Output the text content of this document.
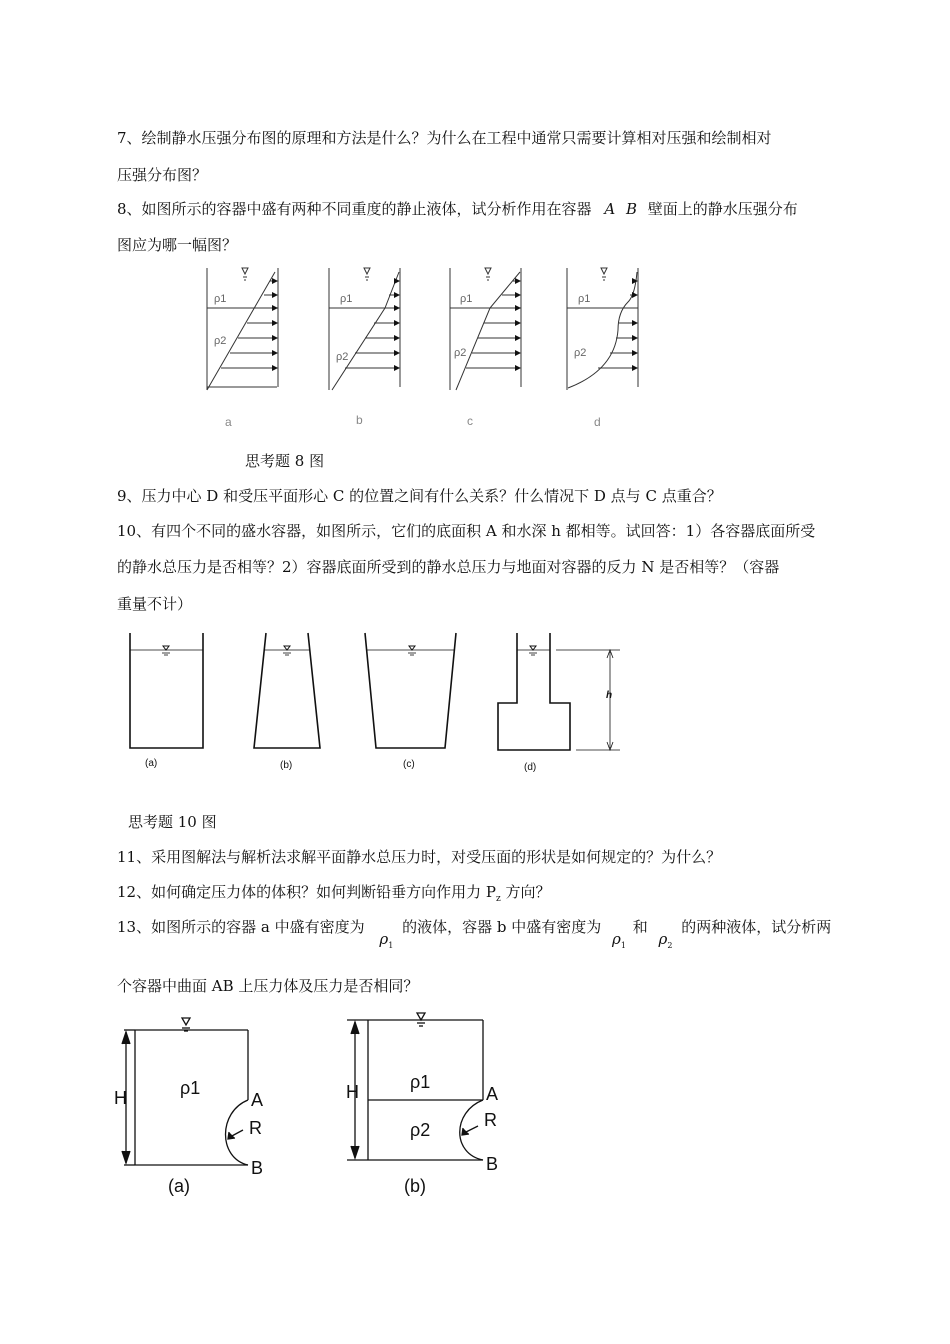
7、绘制静水压强分布图的原理和方法是什么？为什么在工程中通常只需要计算相对压强和绘制相对
压强分布图？
8、如图所示的容器中盛有两种不同重度的静止液体，试分析作用在容器 A B 壁面上的静水压强分布
图应为哪一幅图？
ρ1
ρ2
ρ1
ρ2
ρ1
ρ2
ρ1
ρ2
a	b	c	d
思考题 8 图
9、压力中心 D 和受压平面形心 C 的位置之间有什么关系？什么情况下 D 点与 C 点重合？
10、有四个不同的盛水容器，如图所示，它们的底面积 A 和水深 h 都相等。试回答：1）各容器底面所受
的静水总压力是否相等？2）容器底面所受到的静水总压力与地面对容器的反力 N 是否相等？（容器
重量不计）
h
(a)	(b)	(c)	(d)
思考题 10 图
11、采用图解法与解析法求解平面静水总压力时，对受压面的形状是如何规定的？为什么？
12、如何确定压力体的体积？如何判断铅垂方向作用力 $P_z$ 方向？
13、如图所示的容器 a 中盛有密度为 $\rho_1$ 的液体，容器 b 中盛有密度为 $\rho_1$ 和 $\rho_2$ 的两种液体，试分析两
个容器中曲面 AB 上压力体及压力是否相同？
H	ρ1
A
R
B
(a)
H	ρ1
ρ2
A
R
B
(b)
